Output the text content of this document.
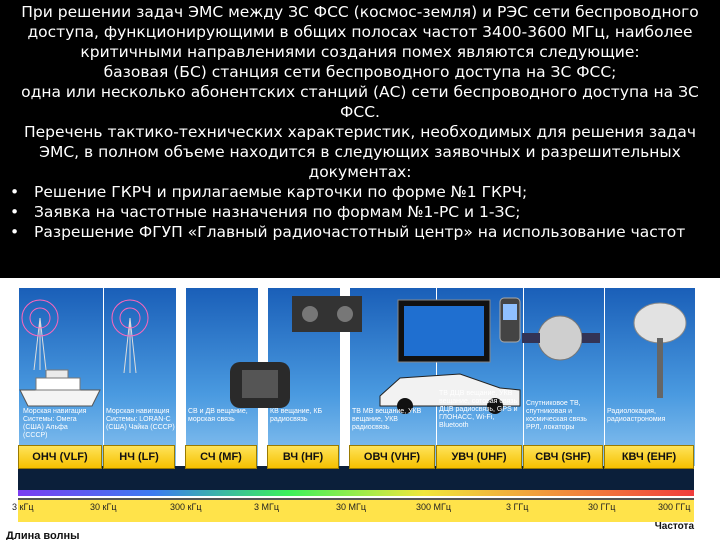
При решении задач ЭМС между ЗС ФСС (космос-земля) и РЭС сети беспроводного доступа, функционирующими в общих полосах частот 3400-3600 МГц, наиболее критичными направлениями создания помех являются следующие:

базовая (БС) станция сети беспроводного доступа на ЗС ФСС;

одна или несколько абонентских станций (АС) сети беспроводного доступа на ЗС ФСС.

Перечень тактико-технических характеристик, необходимых для решения задач ЭМС, в полном объеме находится в следующих заявочных и разрешительных документах:

• Решение ГКРЧ и прилагаемые карточки по форме №1 ГКРЧ;
• Заявка на частотные назначения по формам №1-РС и 1-ЗС;
• Разрешение ФГУП «Главный радиочастотный центр» на использование частот
Морская навигация Системы: Омега (США) Альфа (СССР)
Морская навигация Системы: LORAN-C (США) Чайка (СССР)
СВ и ДВ вещание, морская связь
КВ вещание, КБ радиосвязь
ТВ МВ вещание, УКВ вещание, УКВ радиосвязь
ТВ ДЦВ вещание, УКВ вещание, сотовая связь ДЦВ радиосвязь, GPS и ГЛОНАСС, Wi-Fi, Bluetooth
Спутниковое ТВ, спутниковая и космическая связь РРЛ, локаторы
Радиолокация, радиоастрономия
ОНЧ (VLF)	НЧ (LF)	СЧ (MF)	ВЧ (HF)	ОВЧ (VHF)	УВЧ (UHF)	СВЧ (SHF)	КВЧ (EHF)
3 кГц	30 кГц	300 кГц	3 МГц	30 МГц	300 МГц	3 ГГц	30 ГГц	300 ГГц
Частота
Длина волны
